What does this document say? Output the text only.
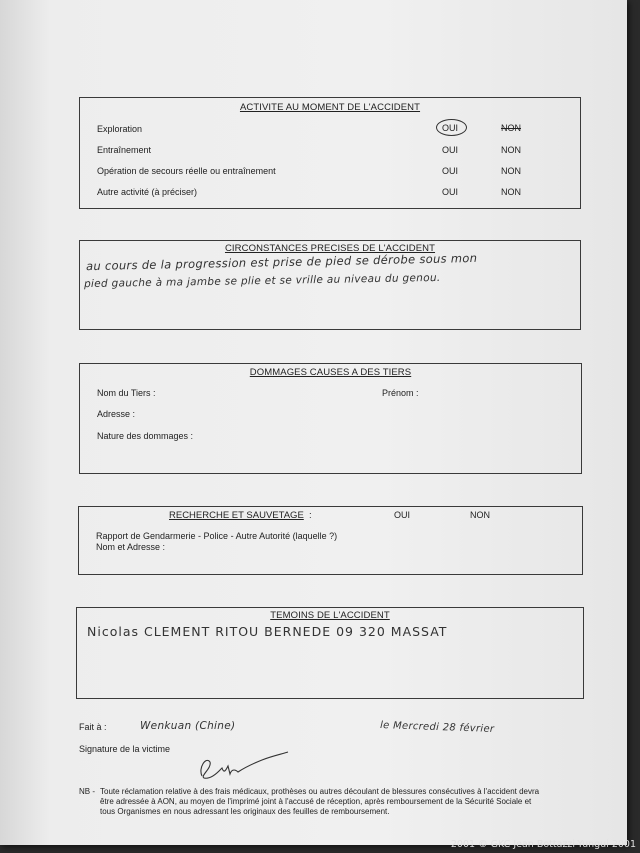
ACTIVITE AU MOMENT DE L'ACCIDENT
Exploration	OUI	NON
Entraînement	OUI	NON
Opération de secours réelle ou entraînement	OUI	NON
Autre activité (à préciser)	OUI	NON
CIRCONSTANCES PRECISES DE L'ACCIDENT
au cours de la progression est prise de pied se dérobe sous mon
pied gauche à ma jambe se plie et se vrille au niveau du genou.
DOMMAGES CAUSES A DES TIERS
Nom du Tiers :	Prénom :
Adresse :
Nature des dommages :
RECHERCHE ET SAUVETAGE :	OUI	NON
Rapport de Gendarmerie - Police - Autre Autorité (laquelle ?)
Nom et Adresse :
TEMOINS DE L'ACCIDENT
Nicolas CLEMENT RITOU BERNEDE 09 320 MASSAT
Fait à :	Wenkuan (Chine)	le Mercredi 28 février
Signature de la victime
NB - Toute réclamation relative à des frais médicaux, prothèses ou autres découlant de blessures consécutives à l'accident devra
être adressée à AON, au moyen de l'imprimé joint à l'accusé de réception, après remboursement de la Sécurité Sociale et
tous Organismes en nous adressant les originaux des feuilles de remboursement.
2001 © GKC Jean Bottazzi-Yungui 2001
